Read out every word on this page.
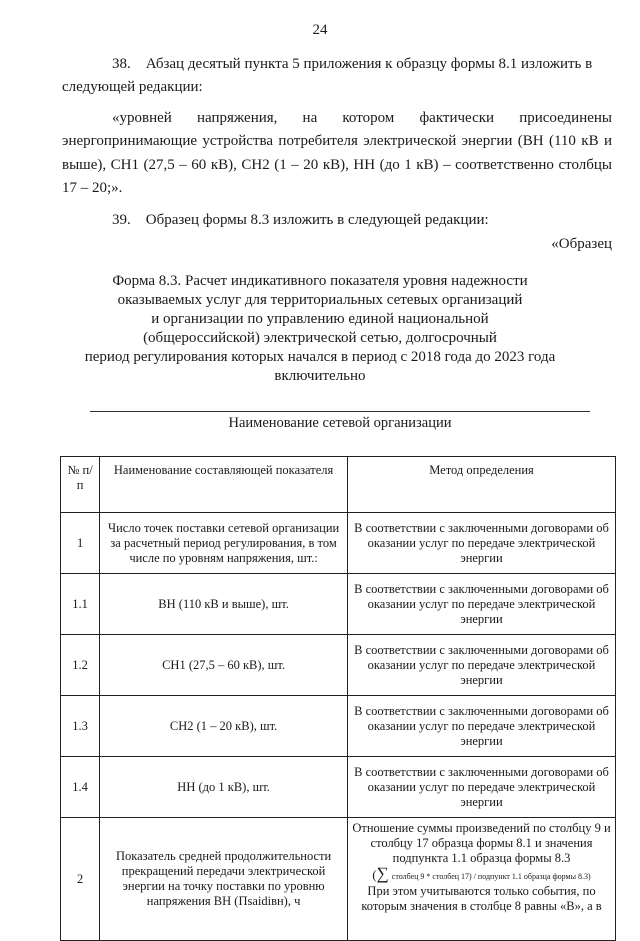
24
38. Абзац десятый пункта 5 приложения к образцу формы 8.1 изложить в
следующей редакции:
«уровней напряжения, на котором фактически присоединены
энергопринимающие устройства потребителя электрической энергии (ВН (110 кВ и выше), СН1 (27,5 – 60 кВ), СН2 (1 – 20 кВ), НН (до 1 кВ) – соответственно столбцы 17 – 20;».
39. Образец формы 8.3 изложить в следующей редакции:
«Образец
Форма 8.3. Расчет индикативного показателя уровня надежности
оказываемых услуг для территориальных сетевых организаций
и организации по управлению единой национальной
(общероссийской) электрической сетью, долгосрочный
период регулирования которых начался в период с 2018 года до 2023 года
включительно
Наименование сетевой организации
№ п/п	Наименование составляющей показателя	Метод определения
1	Число точек поставки сетевой организации за расчетный период регулирования, в том числе по уровням напряжения, шт.:	В соответствии с заключенными договорами об оказании услуг по передаче электрической энергии
1.1	ВН (110 кВ и выше), шт.	В соответствии с заключенными договорами об оказании услуг по передаче электрической энергии
1.2	СН1 (27,5 – 60 кВ), шт.	В соответствии с заключенными договорами об оказании услуг по передаче электрической энергии
1.3	СН2 (1 – 20 кВ), шт.	В соответствии с заключенными договорами об оказании услуг по передаче электрической энергии
1.4	НН (до 1 кВ), шт.	В соответствии с заключенными договорами об оказании услуг по передаче электрической энергии
2	Показатель средней продолжительности прекращений передачи электрической энергии на точку поставки по уровню напряжения ВН (Пsaidiвн), ч	Отношение суммы произведений по столбцу 9 и столбцу 17 образца формы 8.1 и значения подпункта 1.1 образца формы 8.3
(∑ столбец 9 * столбец 17) / подпункт 1.1 образца формы 8.3)
При этом учитываются только события, по которым значения в столбце 8 равны «В», а в
